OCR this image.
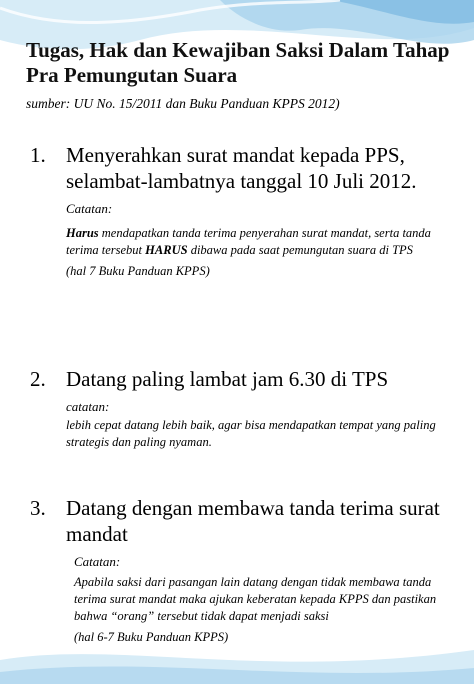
Tugas, Hak dan Kewajiban Saksi Dalam Tahap Pra Pemungutan Suara
sumber: UU No. 15/2011 dan Buku Panduan KPPS 2012)
1. Menyerahkan surat mandat kepada PPS, selambat-lambatnya tanggal 10 Juli 2012.
Catatan:

Harus mendapatkan tanda terima penyerahan surat mandat, serta tanda terima tersebut HARUS dibawa pada saat pemungutan suara di TPS

(hal 7 Buku Panduan KPPS)

2. Datang paling lambat jam 6.30 di TPS
catatan:

lebih cepat datang lebih baik, agar bisa mendapatkan tempat yang paling strategis dan paling nyaman.

3. Datang dengan membawa tanda terima surat mandat
Catatan:

Apabila saksi dari pasangan lain datang dengan tidak membawa tanda terima surat mandat maka ajukan keberatan kepada KPPS dan pastikan bahwa “orang” tersebut tidak dapat menjadi saksi

(hal 6-7 Buku Panduan KPPS)
